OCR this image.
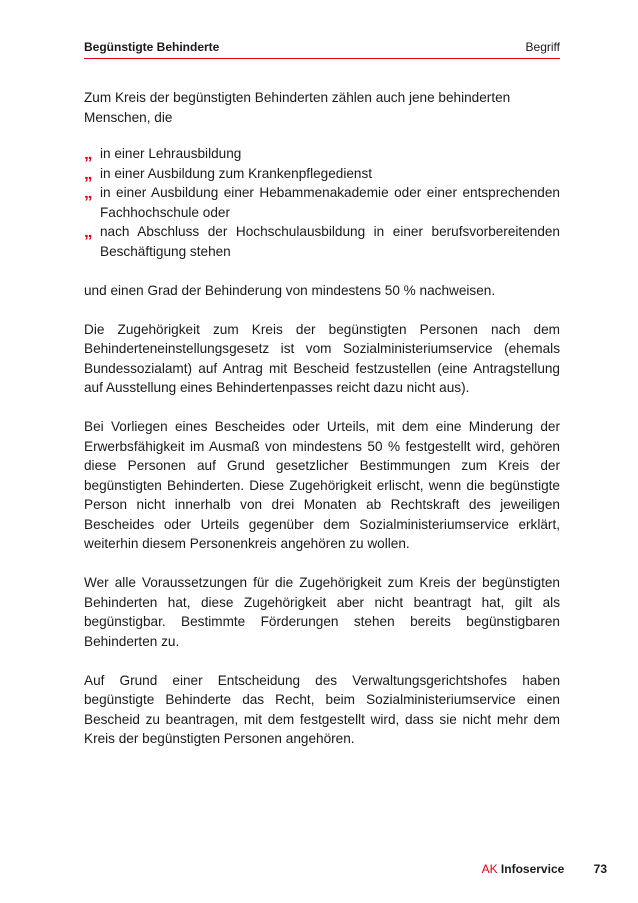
Begünstigte Behinderte	Begriff

Zum Kreis der begünstigten Behinderten zählen auch jene behinderten Menschen, die

„ in einer Lehrausbildung
„ in einer Ausbildung zum Krankenpflegedienst
„ in einer Ausbildung einer Hebammenakademie oder einer entsprechenden Fachhochschule oder
„ nach Abschluss der Hochschulausbildung in einer berufsvorbereitenden Beschäftigung stehen

und einen Grad der Behinderung von mindestens 50 % nachweisen.

Die Zugehörigkeit zum Kreis der begünstigten Personen nach dem Behinderteneinstellungsgesetz ist vom Sozialministeriumservice (ehemals Bundessozialamt) auf Antrag mit Bescheid festzustellen (eine Antragstellung auf Ausstellung eines Behindertenpasses reicht dazu nicht aus).

Bei Vorliegen eines Bescheides oder Urteils, mit dem eine Minderung der Erwerbsfähigkeit im Ausmaß von mindestens 50 % festgestellt wird, gehören diese Personen auf Grund gesetzlicher Bestimmungen zum Kreis der begünstigten Behinderten. Diese Zugehörigkeit erlischt, wenn die begünstigte Person nicht innerhalb von drei Monaten ab Rechtskraft des jeweiligen Bescheides oder Urteils gegenüber dem Sozialministeriumservice erklärt, weiterhin diesem Personenkreis angehören zu wollen.

Wer alle Voraussetzungen für die Zugehörigkeit zum Kreis der begünstigten Behinderten hat, diese Zugehörigkeit aber nicht beantragt hat, gilt als begünstigbar. Bestimmte Förderungen stehen bereits begünstigbaren Behinderten zu.

Auf Grund einer Entscheidung des Verwaltungsgerichtshofes haben begünstigte Behinderte das Recht, beim Sozialministeriumservice einen Bescheid zu beantragen, mit dem festgestellt wird, dass sie nicht mehr dem Kreis der begünstigten Personen angehören.

AK Infoservice 73
